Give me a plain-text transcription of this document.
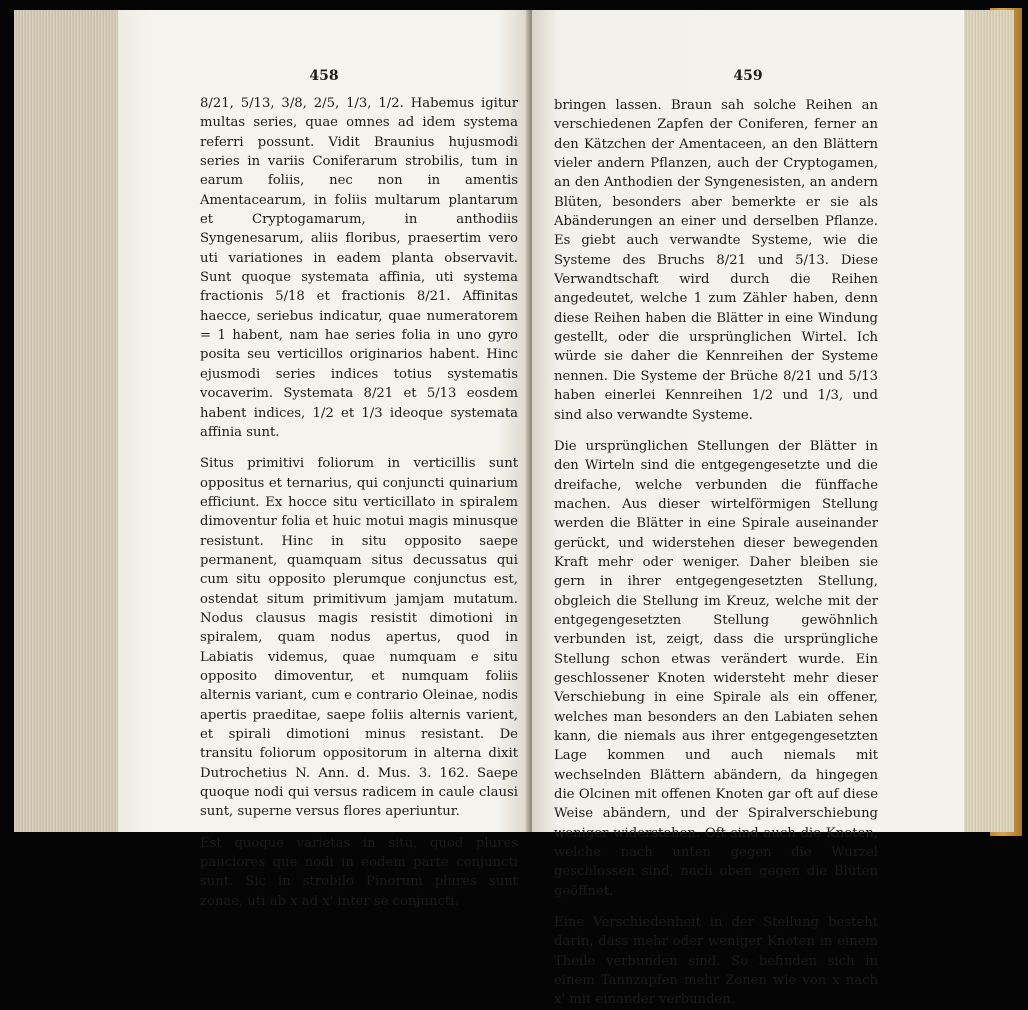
458

8/21, 5/13, 3/8, 2/5, 1/3, 1/2. Habemus igitur multas series, quae omnes ad idem systema referri possunt. Vidit Braunius hujusmodi series in variis Coniferarum strobilis, tum in earum foliis, nec non in amentis Amentacearum, in foliis multarum plantarum et Cryptogamarum, in anthodiis Syngenesarum, aliis floribus, praesertim vero uti variationes in eadem planta observavit. Sunt quoque systemata affinia, uti systema fractionis 5/18 et fractionis 8/21. Affinitas haecce, seriebus indicatur, quae numeratorem = 1 habent, nam hae series folia in uno gyro posita seu verticillos originarios habent. Hinc ejusmodi series indices totius systematis vocaverim. Systemata 8/21 et 5/13 eosdem habent indices, 1/2 et 1/3 ideoque systemata affinia sunt.

Situs primitivi foliorum in verticillis sunt oppositus et ternarius, qui conjuncti quinarium efficiunt. Ex hocce situ verticillato in spiralem dimoventur folia et huic motui magis minusque resistunt. Hinc in situ opposito saepe permanent, quamquam situs decussatus qui cum situ opposito plerumque conjunctus est, ostendat situm primitivum jamjam mutatum. Nodus clausus magis resistit dimotioni in spiralem, quam nodus apertus, quod in Labiatis videmus, quae numquam e situ opposito dimoventur, et numquam foliis alternis variant, cum e contrario Oleinae, nodis apertis praeditae, saepe foliis alternis varient, et spirali dimotioni minus resistant. De transitu foliorum oppositorum in alterna dixit Dutrochetius N. Ann. d. Mus. 3. 162. Saepe quoque nodi qui versus radicem in caule clausi sunt, superne versus flores aperiuntur.

Est quoque varietas in situ, quod plures pauciores que nodi in eodem parte conjuncti sunt. Sic in strobilo Pinorum plures sunt zonae, uti ab x ad x' inter se conjuncti.

459

bringen lassen. Braun sah solche Reihen an verschiedenen Zapfen der Coniferen, ferner an den Kätzchen der Amentaceen, an den Blättern vieler andern Pflanzen, auch der Cryptogamen, an den Anthodien der Syngenesisten, an andern Blüten, besonders aber bemerkte er sie als Abänderungen an einer und derselben Pflanze. Es giebt auch verwandte Systeme, wie die Systeme des Bruchs 8/21 und 5/13. Diese Verwandtschaft wird durch die Reihen angedeutet, welche 1 zum Zähler haben, denn diese Reihen haben die Blätter in eine Windung gestellt, oder die ursprünglichen Wirtel. Ich würde sie daher die Kennreihen der Systeme nennen. Die Systeme der Brüche 8/21 und 5/13 haben einerlei Kennreihen 1/2 und 1/3, und sind also verwandte Systeme.

Die ursprünglichen Stellungen der Blätter in den Wirteln sind die entgegengesetzte und die dreifache, welche verbunden die fünffache machen. Aus dieser wirtelförmigen Stellung werden die Blätter in eine Spirale auseinander gerückt, und widerstehen dieser bewegenden Kraft mehr oder weniger. Daher bleiben sie gern in ihrer entgegengesetzten Stellung, obgleich die Stellung im Kreuz, welche mit der entgegengesetzten Stellung gewöhnlich verbunden ist, zeigt, dass die ursprüngliche Stellung schon etwas verändert wurde. Ein geschlossener Knoten widersteht mehr dieser Verschiebung in eine Spirale als ein offener, welches man besonders an den Labiaten sehen kann, die niemals aus ihrer entgegengesetzten Lage kommen und auch niemals mit wechselnden Blättern abändern, da hingegen die Olcinen mit offenen Knoten gar oft auf diese Weise abändern, und der Spiralverschiebung weniger widerstehen. Oft sind auch die Knoten, welche nach unten gegen die Wurzel geschlossen sind, nach oben gegen die Blüten geöffnet.

Eine Verschiedenheit in der Stellung besteht darin, dass mehr oder weniger Knoten in einem Theile verbunden sind. So befinden sich in einem Tannzapfen mehr Zonen wie von x nach x' mit einander verbunden.
